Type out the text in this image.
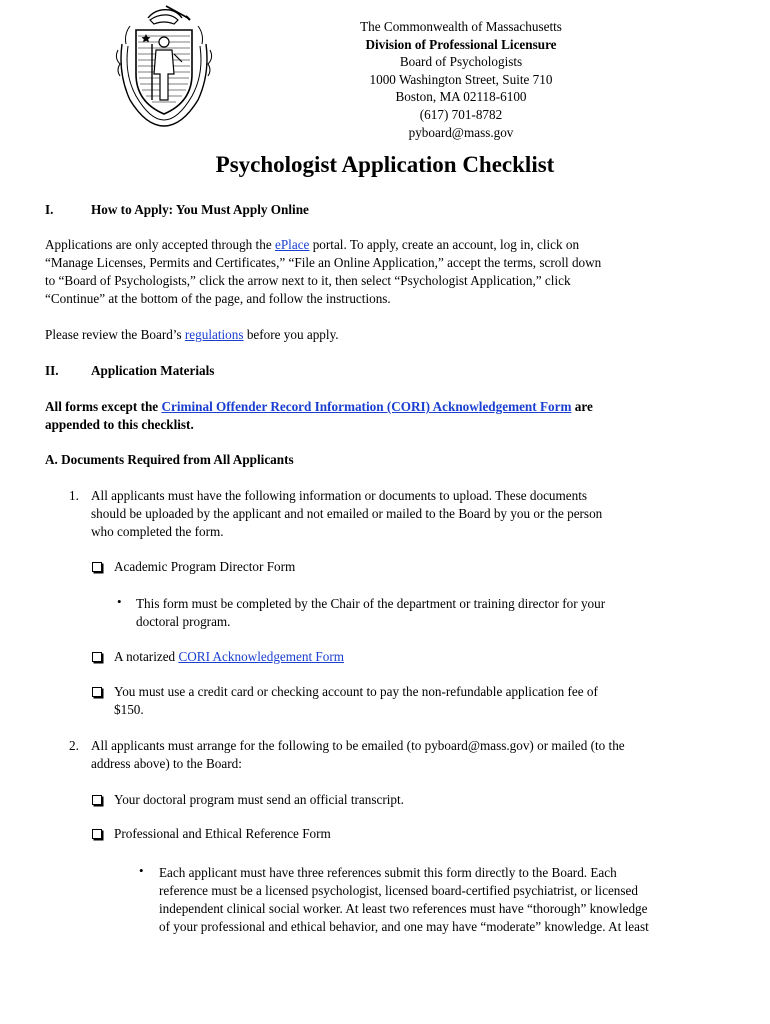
The Commonwealth of Massachusetts
Division of Professional Licensure
Board of Psychologists
1000 Washington Street, Suite 710
Boston, MA 02118-6100
(617) 701-8782
pyboard@mass.gov
Psychologist Application Checklist
I.	How to Apply: You Must Apply Online
Applications are only accepted through the ePlace portal. To apply, create an account, log in, click on
“Manage Licenses, Permits and Certificates,” “File an Online Application,” accept the terms, scroll down
to “Board of Psychologists,” click the arrow next to it, then select “Psychologist Application,” click
“Continue” at the bottom of the page, and follow the instructions.
Please review the Board’s regulations before you apply.
II. Application Materials
All forms except the Criminal Offender Record Information (CORI) Acknowledgement Form are
appended to this checklist.
A. Documents Required from All Applicants
1. All applicants must have the following information or documents to upload. These documents
should be uploaded by the applicant and not emailed or mailed to the Board by you or the person
who completed the form.
Academic Program Director Form
• This form must be completed by the Chair of the department or training director for your
doctoral program.
A notarized CORI Acknowledgement Form
You must use a credit card or checking account to pay the non-refundable application fee of
$150.
2. All applicants must arrange for the following to be emailed (to pyboard@mass.gov) or mailed (to the
address above) to the Board:
Your doctoral program must send an official transcript.
Professional and Ethical Reference Form
• Each applicant must have three references submit this form directly to the Board. Each
reference must be a licensed psychologist, licensed board-certified psychiatrist, or licensed
independent clinical social worker. At least two references must have “thorough” knowledge
of your professional and ethical behavior, and one may have “moderate” knowledge. At least
